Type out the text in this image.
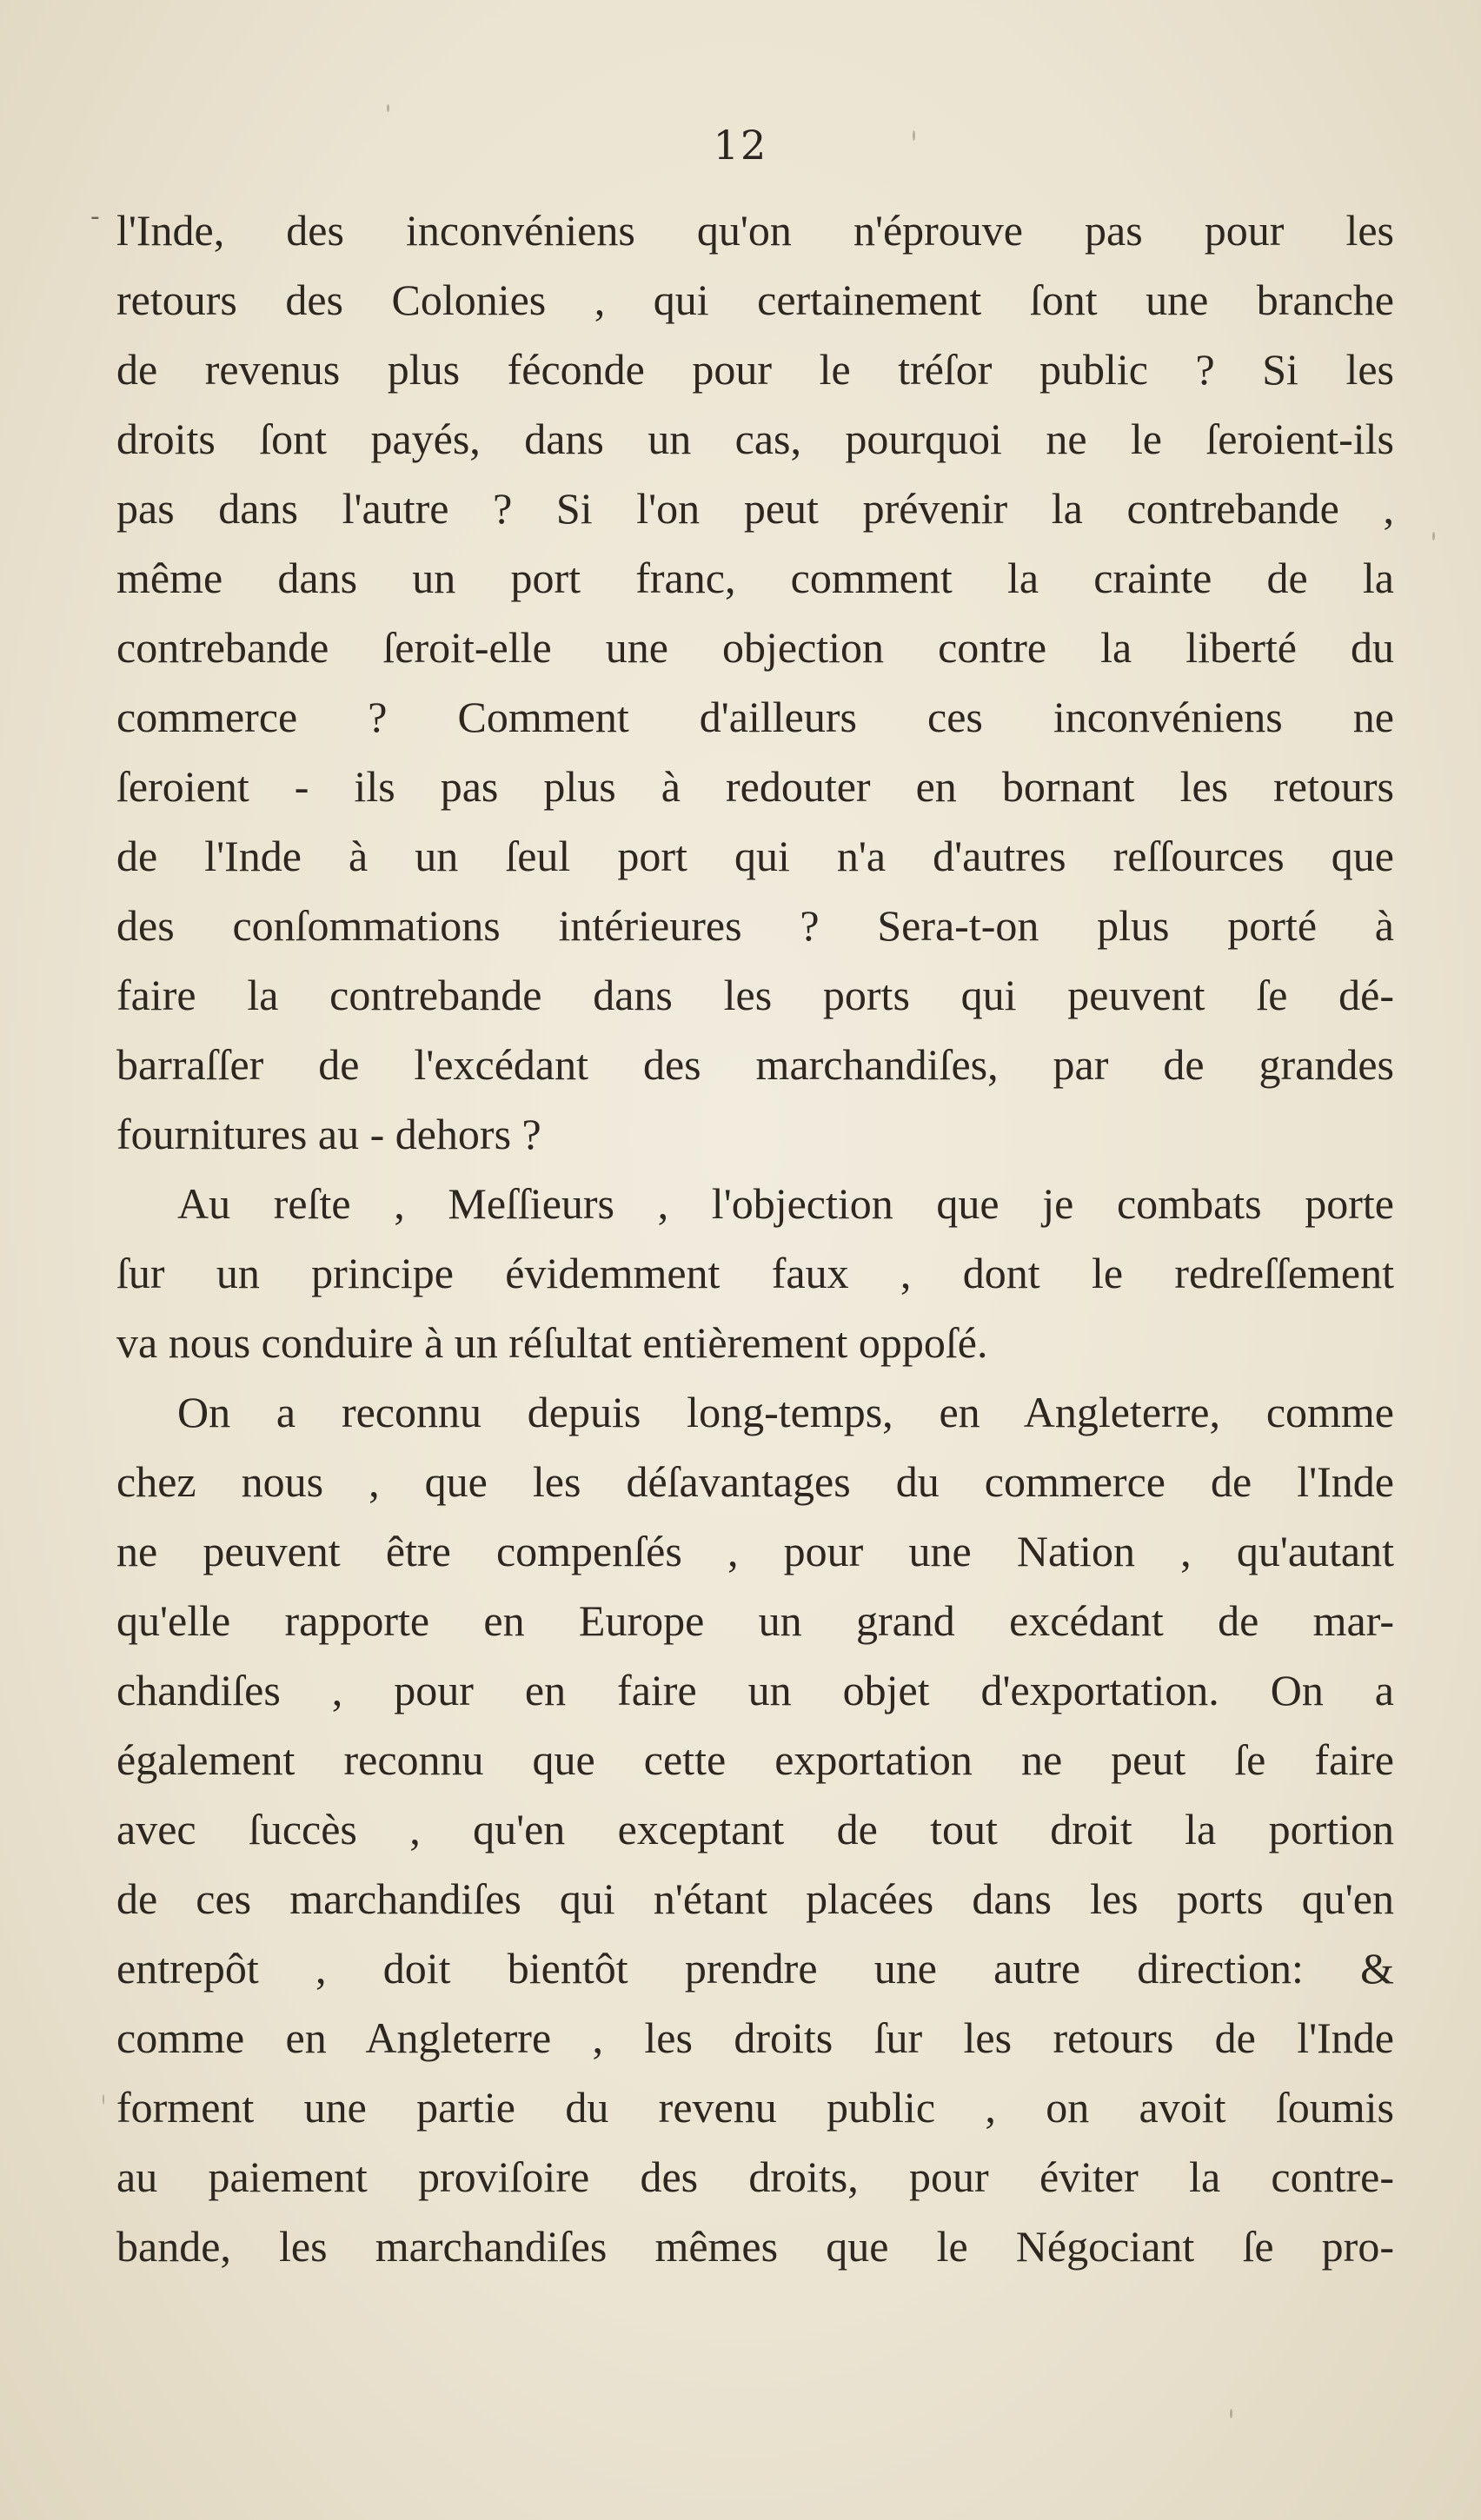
12
- l'Inde, des inconvéniens qu'on n'éprouve pas pour les
retours des Colonies , qui certainement ſont une branche
de revenus plus féconde pour le tréſor public ? Si les
droits ſont payés, dans un cas, pourquoi ne le ſeroient-ils
pas dans l'autre ? Si l'on peut prévenir la contrebande ,
même dans un port franc, comment la crainte de la
contrebande ſeroit-elle une objection contre la liberté du
commerce ? Comment d'ailleurs ces inconvéniens ne
ſeroient - ils pas plus à redouter en bornant les retours
de l'Inde à un ſeul port qui n'a d'autres reſſources que
des conſommations intérieures ? Sera-t-on plus porté à
faire la contrebande dans les ports qui peuvent ſe dé-
barraſſer de l'excédant des marchandiſes, par de grandes
fournitures au - dehors ?
Au reſte , Meſſieurs , l'objection que je combats porte
ſur un principe évidemment faux , dont le redreſſement
va nous conduire à un réſultat entièrement oppoſé.
On a reconnu depuis long-temps, en Angleterre, comme
chez nous , que les déſavantages du commerce de l'Inde
ne peuvent être compenſés , pour une Nation , qu'autant
qu'elle rapporte en Europe un grand excédant de mar-
chandiſes , pour en faire un objet d'exportation. On a
également reconnu que cette exportation ne peut ſe faire
avec ſuccès , qu'en exceptant de tout droit la portion
de ces marchandiſes qui n'étant placées dans les ports qu'en
entrepôt , doit bientôt prendre une autre direction: &
comme en Angleterre , les droits ſur les retours de l'Inde
forment une partie du revenu public , on avoit ſoumis
au paiement proviſoire des droits, pour éviter la contre-
bande, les marchandiſes mêmes que le Négociant ſe pro-
